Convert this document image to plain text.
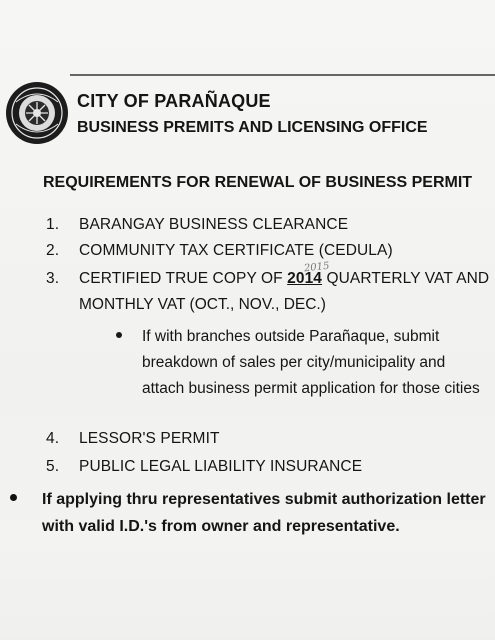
CITY OF PARAÑAQUE
BUSINESS PREMITS AND LICENSING OFFICE
REQUIREMENTS FOR RENEWAL OF BUSINESS PERMIT
1. BARANGAY BUSINESS CLEARANCE
2. COMMUNITY TAX CERTIFICATE (CEDULA)
3. CERTIFIED TRUE COPY OF 2014 QUARTERLY VAT AND
MONTHLY VAT (OCT., NOV., DEC.)
4. LESSOR'S PERMIT
5. PUBLIC LEGAL LIABILITY INSURANCE
2015
If with branches outside Parañaque, submit breakdown of sales per city/municipality and attach business permit application for those cities
If applying thru representatives submit authorization letter with valid I.D.'s from owner and representative.
